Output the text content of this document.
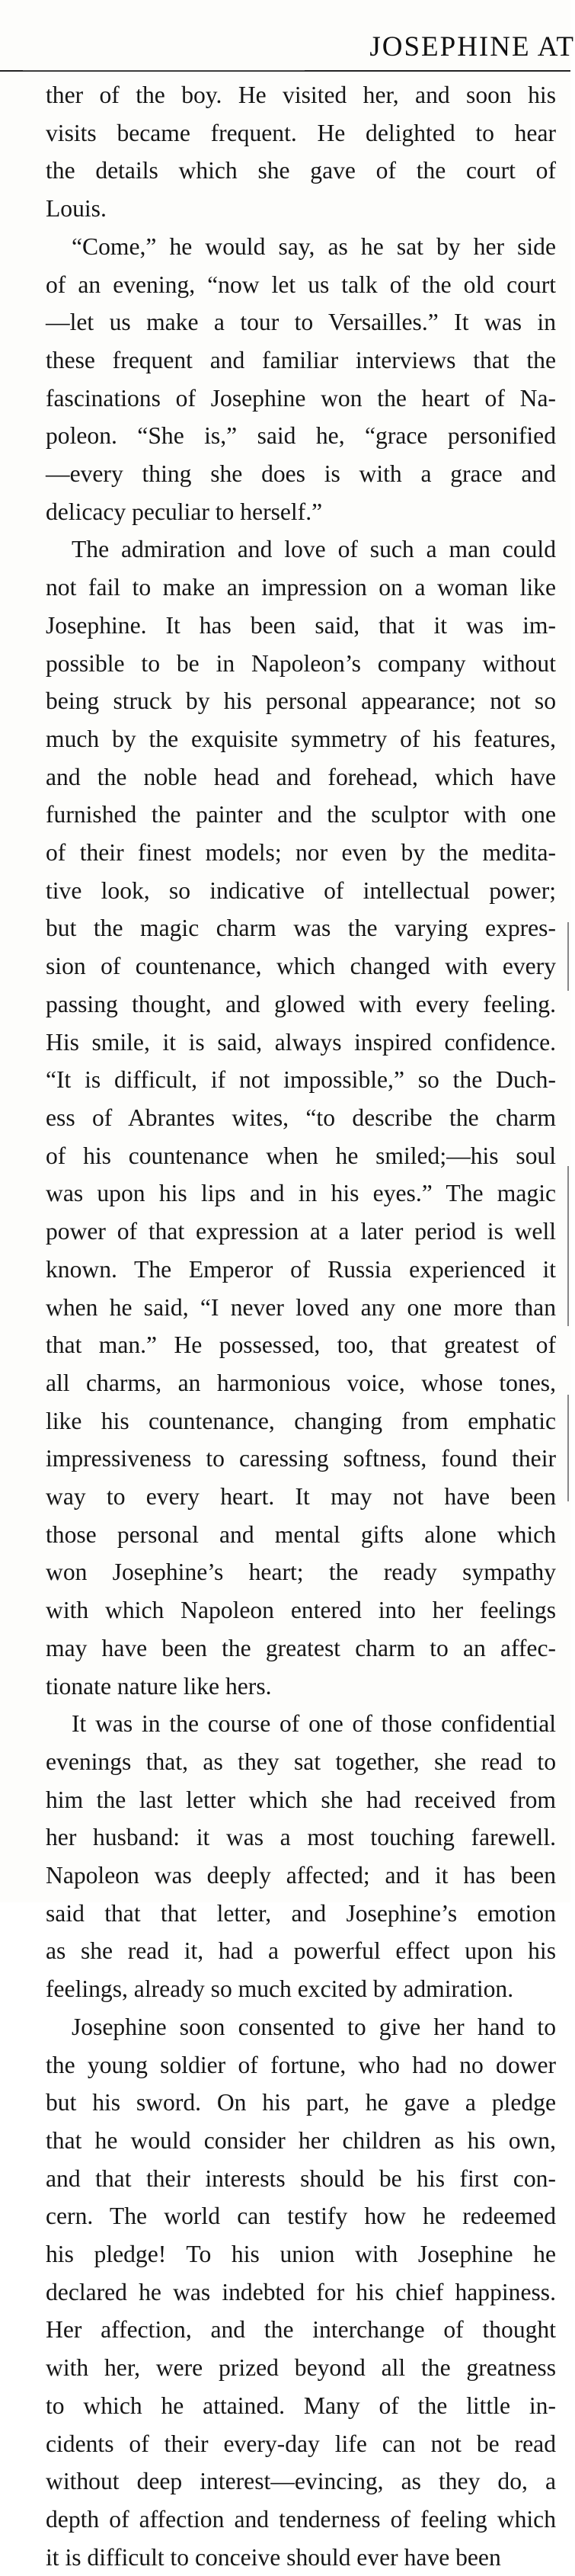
JOSEPHINE AT

ther of the boy. He visited her, and soon his
visits became frequent. He delighted to hear
the details which she gave of the court of
Louis.

“Come,” he would say, as he sat by her side
of an evening, “now let us talk of the old court
—let us make a tour to Versailles.” It was in
these frequent and familiar interviews that the
fascinations of Josephine won the heart of Na-
poleon. “She is,” said he, “grace personified
—every thing she does is with a grace and
delicacy peculiar to herself.”

The admiration and love of such a man could
not fail to make an impression on a woman like
Josephine. It has been said, that it was im-
possible to be in Napoleon’s company without
being struck by his personal appearance; not so
much by the exquisite symmetry of his features,
and the noble head and forehead, which have
furnished the painter and the sculptor with one
of their finest models; nor even by the medita-
tive look, so indicative of intellectual power;
but the magic charm was the varying expres-
sion of countenance, which changed with every
passing thought, and glowed with every feeling.
His smile, it is said, always inspired confidence.
“It is difficult, if not impossible,” so the Duch-
ess of Abrantes wites, “to describe the charm
of his countenance when he smiled;—his soul
was upon his lips and in his eyes.” The magic
power of that expression at a later period is well
known. The Emperor of Russia experienced it
when he said, “I never loved any one more than
that man.” He possessed, too, that greatest of
all charms, an harmonious voice, whose tones,
like his countenance, changing from emphatic
impressiveness to caressing softness, found their
way to every heart. It may not have been
those personal and mental gifts alone which
won Josephine’s heart; the ready sympathy
with which Napoleon entered into her feelings
may have been the greatest charm to an affec-
tionate nature like hers.

It was in the course of one of those confidential
evenings that, as they sat together, she read to
him the last letter which she had received from
her husband: it was a most touching farewell.
Napoleon was deeply affected; and it has been
said that that letter, and Josephine’s emotion
as she read it, had a powerful effect upon his
feelings, already so much excited by admiration.

Josephine soon consented to give her hand to
the young soldier of fortune, who had no dower
but his sword. On his part, he gave a pledge
that he would consider her children as his own,
and that their interests should be his first con-
cern. The world can testify how he redeemed
his pledge! To his union with Josephine he
declared he was indebted for his chief happiness.
Her affection, and the interchange of thought
with her, were prized beyond all the greatness
to which he attained. Many of the little in-
cidents of their every-day life can not be read
without deep interest—evincing, as they do, a
depth of affection and tenderness of feeling which
it is difficult to conceive should ever have been
